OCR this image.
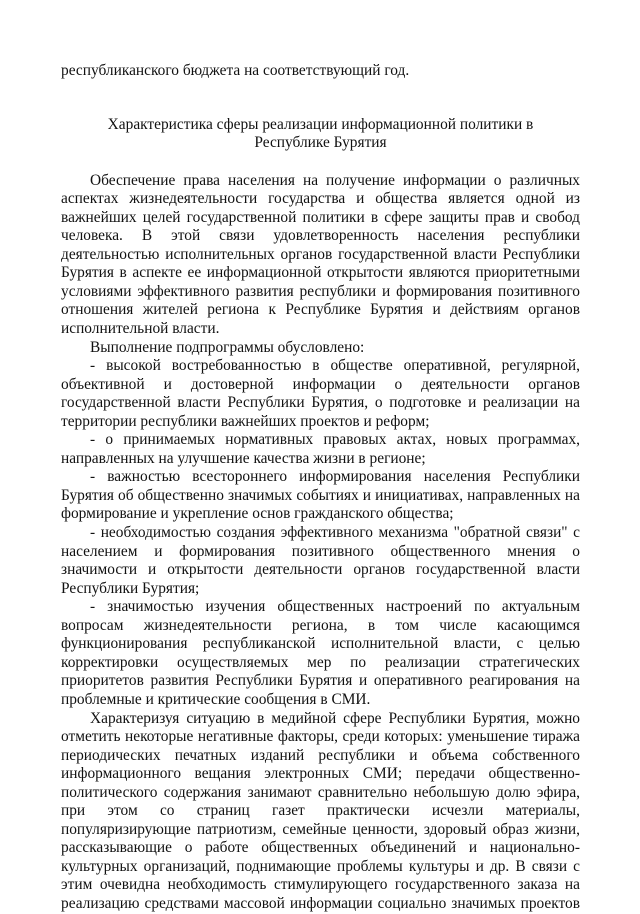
республиканского бюджета на соответствующий год.

Характеристика сферы реализации информационной политики в
Республике Бурятия

Обеспечение права населения на получение информации о различных аспектах жизнедеятельности государства и общества является одной из важнейших целей государственной политики в сфере защиты прав и свобод человека. В этой связи удовлетворенность населения республики деятельностью исполнительных органов государственной власти Республики Бурятия в аспекте ее информационной открытости являются приоритетными условиями эффективного развития республики и формирования позитивного отношения жителей региона к Республике Бурятия и действиям органов исполнительной власти.

Выполнение подпрограммы обусловлено:

- высокой востребованностью в обществе оперативной, регулярной, объективной и достоверной информации о деятельности органов государственной власти Республики Бурятия, о подготовке и реализации на территории республики важнейших проектов и реформ;

- о принимаемых нормативных правовых актах, новых программах, направленных на улучшение качества жизни в регионе;

- важностью всестороннего информирования населения Республики Бурятия об общественно значимых событиях и инициативах, направленных на формирование и укрепление основ гражданского общества;

- необходимостью создания эффективного механизма "обратной связи" с населением и формирования позитивного общественного мнения о значимости и открытости деятельности органов государственной власти Республики Бурятия;

- значимостью изучения общественных настроений по актуальным вопросам жизнедеятельности региона, в том числе касающимся функционирования республиканской исполнительной власти, с целью корректировки осуществляемых мер по реализации стратегических приоритетов развития Республики Бурятия и оперативного реагирования на проблемные и критические сообщения в СМИ.

Характеризуя ситуацию в медийной сфере Республики Бурятия, можно отметить некоторые негативные факторы, среди которых: уменьшение тиража периодических печатных изданий республики и объема собственного информационного вещания электронных СМИ; передачи общественно-политического содержания занимают сравнительно небольшую долю эфира, при этом со страниц газет практически исчезли материалы, популяризирующие патриотизм, семейные ценности, здоровый образ жизни, рассказывающие о работе общественных объединений и национально-культурных организаций, поднимающие проблемы культуры и др. В связи с этим очевидна необходимость стимулирующего государственного заказа на реализацию средствами массовой информации социально значимых проектов
